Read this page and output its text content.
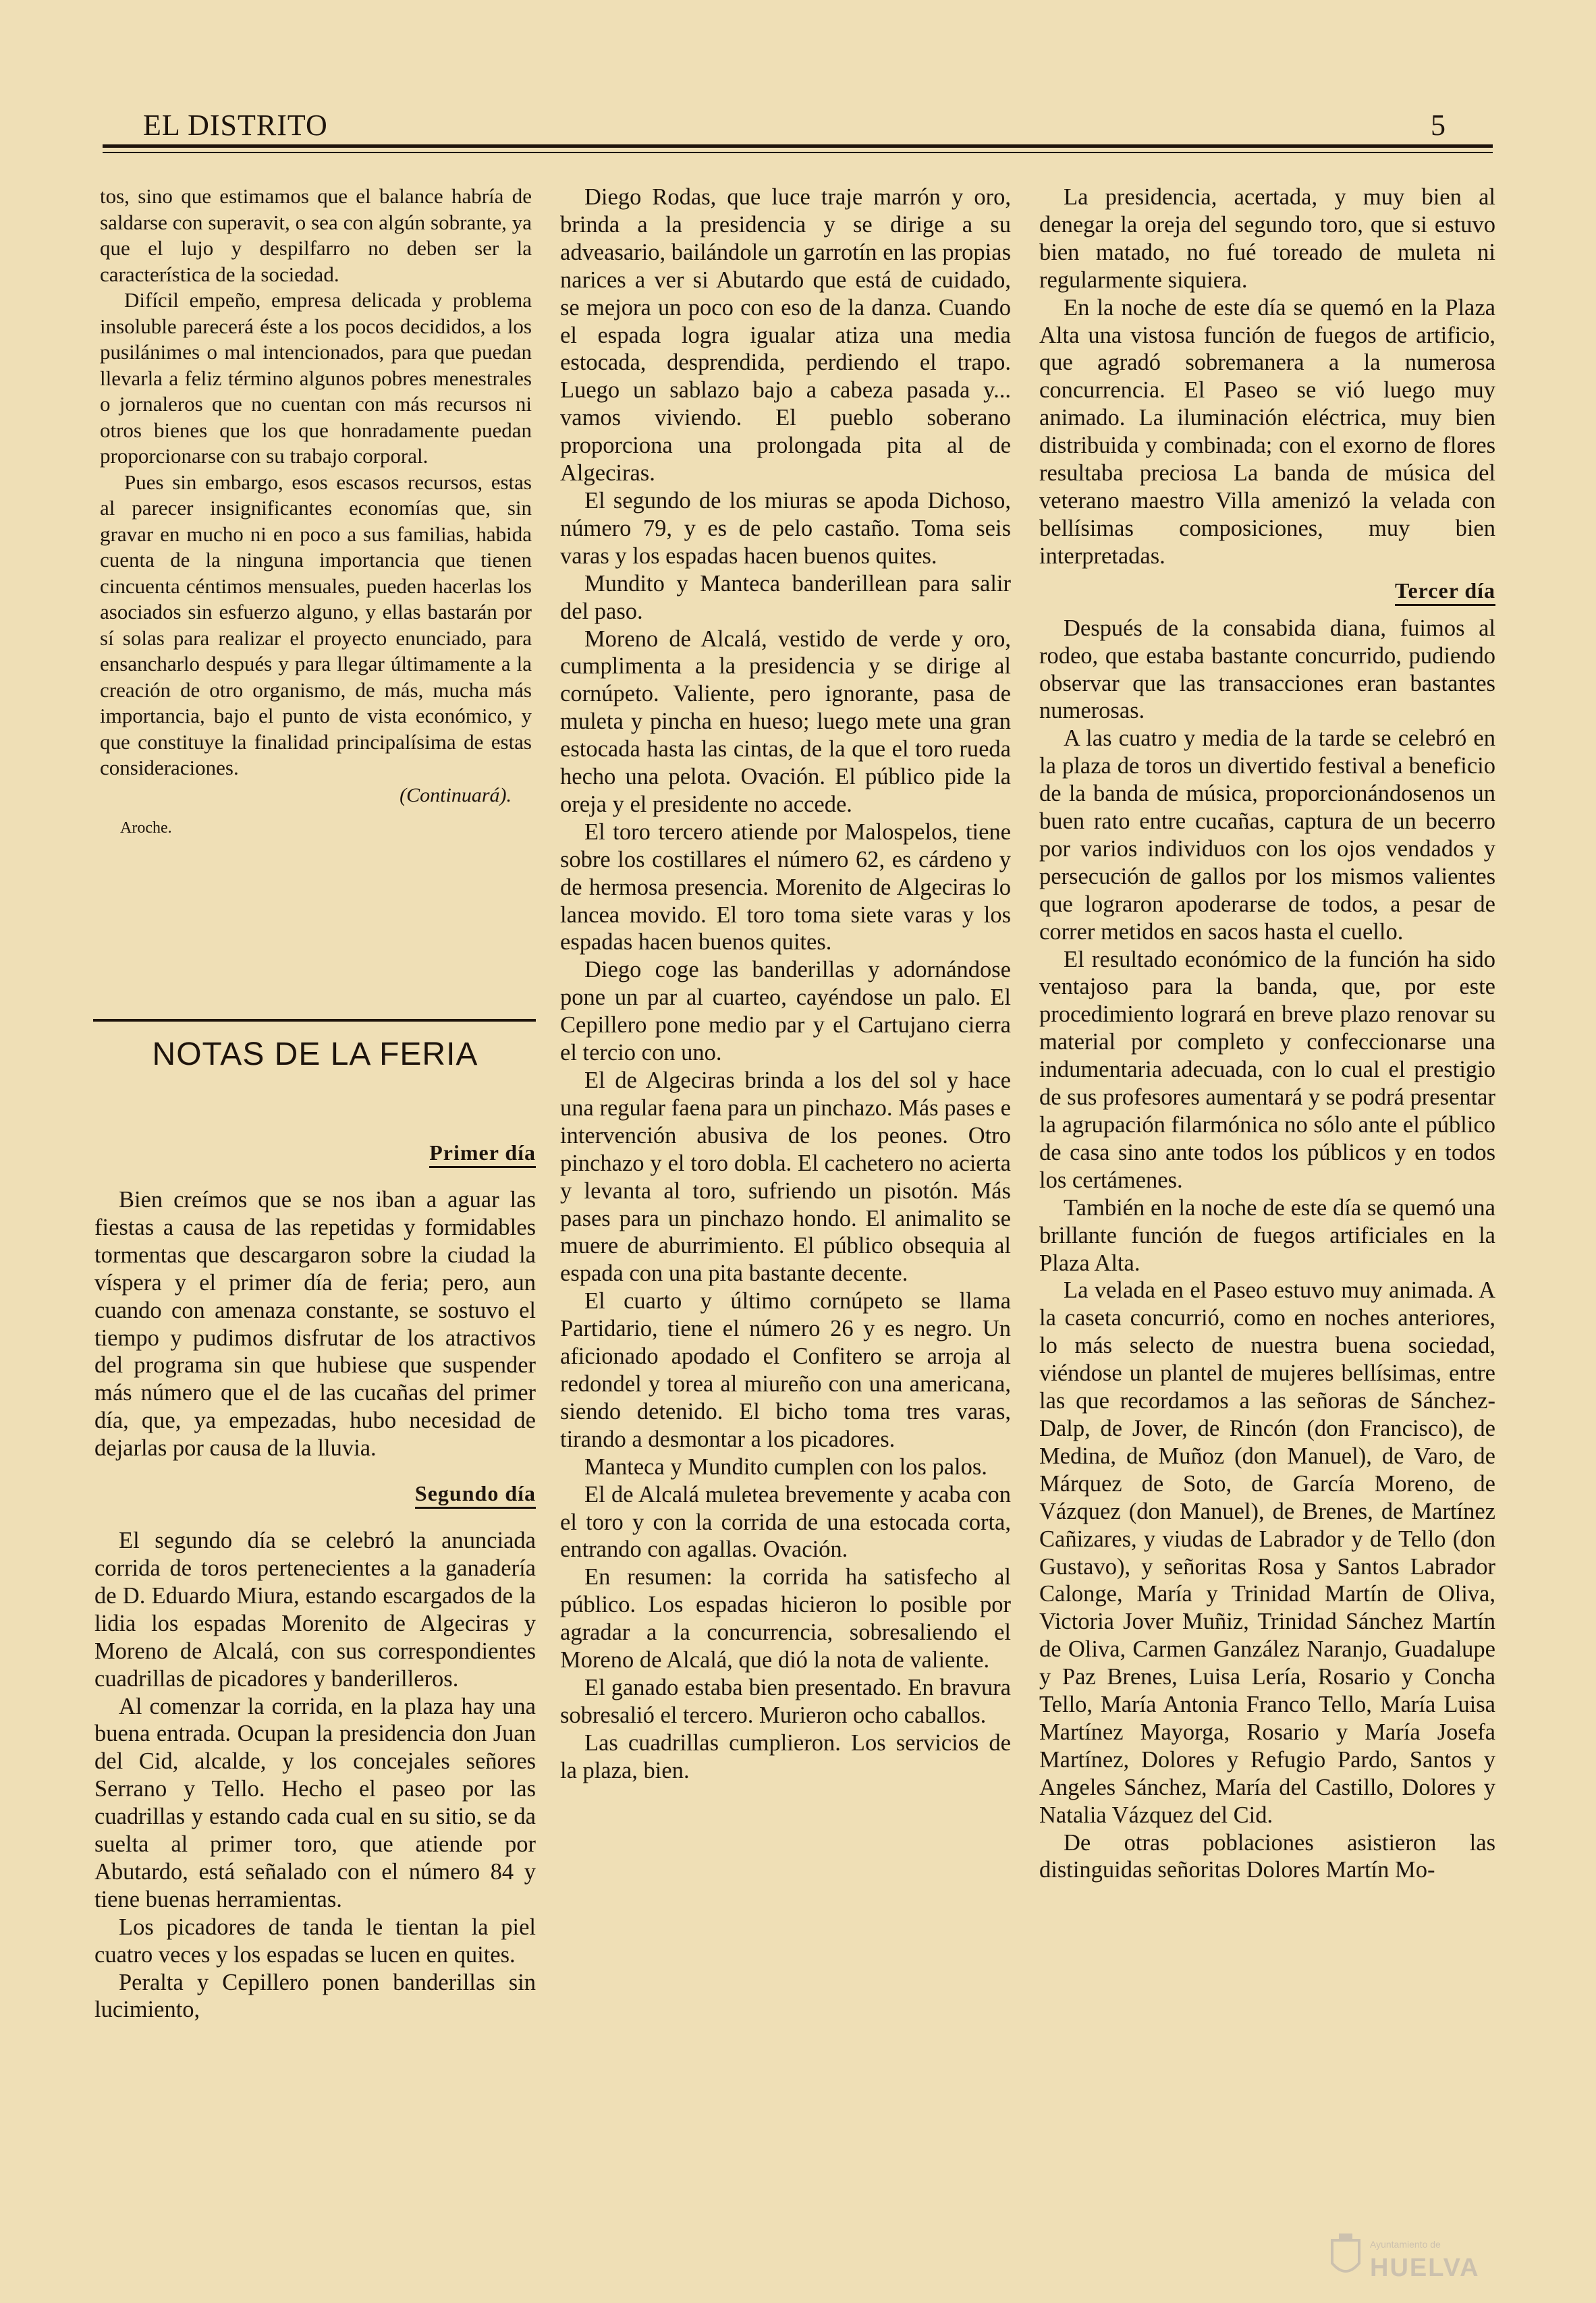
EL DISTRITO	5

tos, sino que estimamos que el balance habría de saldarse con superavit, o sea con algún sobrante, ya que el lujo y despilfarro no deben ser la característica de la sociedad.

Difícil empeño, empresa delicada y problema insoluble parecerá éste a los pocos decididos, a los pusilánimes o mal intencionados, para que puedan llevarla a feliz término algunos pobres menestrales o jornaleros que no cuentan con más recursos ni otros bienes que los que honradamente puedan proporcionarse con su trabajo corporal.

Pues sin embargo, esos escasos recursos, estas al parecer insignificantes economías que, sin gravar en mucho ni en poco a sus familias, habida cuenta de la ninguna importancia que tienen cincuenta céntimos mensuales, pueden hacerlas los asociados sin esfuerzo alguno, y ellas bastarán por sí solas para realizar el proyecto enunciado, para ensancharlo después y para llegar últimamente a la creación de otro organismo, de más, mucha más importancia, bajo el punto de vista económico, y que constituye la finalidad principalísima de estas consideraciones.

(Continuará).
Aroche.
NOTAS DE LA FERIA
Primer día

Bien creímos que se nos iban a aguar las fiestas a causa de las repetidas y formidables tormentas que descargaron sobre la ciudad la víspera y el primer día de feria; pero, aun cuando con amenaza constante, se sostuvo el tiempo y pudimos disfrutar de los atractivos del programa sin que hubiese que suspender más número que el de las cucañas del primer día, que, ya empezadas, hubo necesidad de dejarlas por causa de la lluvia.

Segundo día

El segundo día se celebró la anunciada corrida de toros pertenecientes a la ganadería de D. Eduardo Miura, estando escargados de la lidia los espadas Morenito de Algeciras y Moreno de Alcalá, con sus correspondientes cuadrillas de picadores y banderilleros.

Al comenzar la corrida, en la plaza hay una buena entrada. Ocupan la presidencia don Juan del Cid, alcalde, y los concejales señores Serrano y Tello. Hecho el paseo por las cuadrillas y estando cada cual en su sitio, se da suelta al primer toro, que atiende por Abutardo, está señalado con el número 84 y tiene buenas herramientas.

Los picadores de tanda le tientan la piel cuatro veces y los espadas se lucen en quites.

Peralta y Cepillero ponen banderillas sin lucimiento,

Diego Rodas, que luce traje marrón y oro, brinda a la presidencia y se dirige a su adveasario, bailándole un garrotín en las propias narices a ver si Abutardo que está de cuidado, se mejora un poco con eso de la danza. Cuando el espada logra igualar atiza una media estocada, desprendida, perdiendo el trapo. Luego un sablazo bajo a cabeza pasada y... vamos viviendo. El pueblo soberano proporciona una prolongada pita al de Algeciras.

El segundo de los miuras se apoda Dichoso, número 79, y es de pelo castaño. Toma seis varas y los espadas hacen buenos quites.

Mundito y Manteca banderillean para salir del paso.

Moreno de Alcalá, vestido de verde y oro, cumplimenta a la presidencia y se dirige al cornúpeto. Valiente, pero ignorante, pasa de muleta y pincha en hueso; luego mete una gran estocada hasta las cintas, de la que el toro rueda hecho una pelota. Ovación. El público pide la oreja y el presidente no accede.

El toro tercero atiende por Malospelos, tiene sobre los costillares el número 62, es cárdeno y de hermosa presencia. Morenito de Algeciras lo lancea movido. El toro toma siete varas y los espadas hacen buenos quites.

Diego coge las banderillas y adornándose pone un par al cuarteo, cayéndose un palo. El Cepillero pone medio par y el Cartujano cierra el tercio con uno.

El de Algeciras brinda a los del sol y hace una regular faena para un pinchazo. Más pases e intervención abusiva de los peones. Otro pinchazo y el toro dobla. El cachetero no acierta y levanta al toro, sufriendo un pisotón. Más pases para un pinchazo hondo. El animalito se muere de aburrimiento. El público obsequia al espada con una pita bastante decente.

El cuarto y último cornúpeto se llama Partidario, tiene el número 26 y es negro. Un aficionado apodado el Confitero se arroja al redondel y torea al miureño con una americana, siendo detenido. El bicho toma tres varas, tirando a desmontar a los picadores.

Manteca y Mundito cumplen con los palos.

El de Alcalá muletea brevemente y acaba con el toro y con la corrida de una estocada corta, entrando con agallas. Ovación.

En resumen: la corrida ha satisfecho al público. Los espadas hicieron lo posible por agradar a la concurrencia, sobresaliendo el Moreno de Alcalá, que dió la nota de valiente.

El ganado estaba bien presentado. En bravura sobresalió el tercero. Murieron ocho caballos.

Las cuadrillas cumplieron. Los servicios de la plaza, bien.

La presidencia, acertada, y muy bien al denegar la oreja del segundo toro, que si estuvo bien matado, no fué toreado de muleta ni regularmente siquiera.

En la noche de este día se quemó en la Plaza Alta una vistosa función de fuegos de artificio, que agradó sobremanera a la numerosa concurrencia. El Paseo se vió luego muy animado. La iluminación eléctrica, muy bien distribuida y combinada; con el exorno de flores resultaba preciosa La banda de música del veterano maestro Villa amenizó la velada con bellísimas composiciones, muy bien interpretadas.

Tercer día

Después de la consabida diana, fuimos al rodeo, que estaba bastante concurrido, pudiendo observar que las transacciones eran bastantes numerosas.

A las cuatro y media de la tarde se celebró en la plaza de toros un divertido festival a beneficio de la banda de música, proporcionándosenos un buen rato entre cucañas, captura de un becerro por varios individuos con los ojos vendados y persecución de gallos por los mismos valientes que lograron apoderarse de todos, a pesar de correr metidos en sacos hasta el cuello.

El resultado económico de la función ha sido ventajoso para la banda, que, por este procedimiento logrará en breve plazo renovar su material por completo y confeccionarse una indumentaria adecuada, con lo cual el prestigio de sus profesores aumentará y se podrá presentar la agrupación filarmónica no sólo ante el público de casa sino ante todos los públicos y en todos los certámenes.

También en la noche de este día se quemó una brillante función de fuegos artificiales en la Plaza Alta.

La velada en el Paseo estuvo muy animada. A la caseta concurrió, como en noches anteriores, lo más selecto de nuestra buena sociedad, viéndose un plantel de mujeres bellísimas, entre las que recordamos a las señoras de Sánchez-Dalp, de Jover, de Rincón (don Francisco), de Medina, de Muñoz (don Manuel), de Varo, de Márquez de Soto, de García Moreno, de Vázquez (don Manuel), de Brenes, de Martínez Cañizares, y viudas de Labrador y de Tello (don Gustavo), y señoritas Rosa y Santos Labrador Calonge, María y Trinidad Martín de Oliva, Victoria Jover Muñiz, Trinidad Sánchez Martín de Oliva, Carmen Ganzález Naranjo, Guadalupe y Paz Brenes, Luisa Lería, Rosario y Concha Tello, María Antonia Franco Tello, María Luisa Martínez Mayorga, Rosario y María Josefa Martínez, Dolores y Refugio Pardo, Santos y Angeles Sánchez, María del Castillo, Dolores y Natalia Vázquez del Cid.

De otras poblaciones asistieron las distinguidas señoritas Dolores Martín Mo-

Ayuntamiento de
HUELVA
